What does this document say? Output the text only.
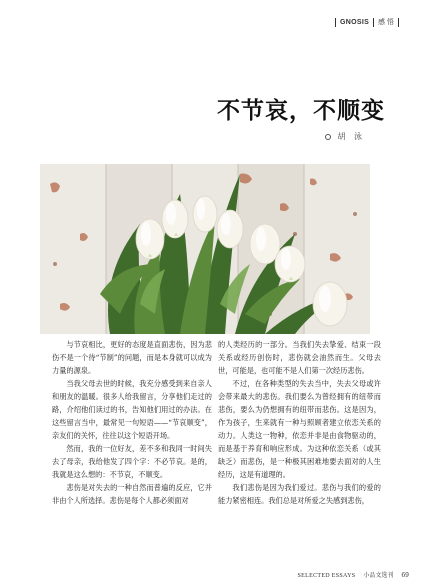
GNOSIS 感 悟
不节哀，不顺变
胡 泳

与节哀相比，更好的态度是直面悲伤，因为悲伤不是一个待“节制”的问题，而是本身就可以成为力量的源泉。

当我父母去世的时候，我充分感受到来自亲人和朋友的温暖。很多人给我留言，分享他们走过的路，介绍他们读过的书，告知他们用过的办法。在这些留言当中，最常见一句短语——“节哀顺变”，亲友们的关怀，往往以这个短语开场。

然而，我的一位好友，差不多和我同一时间失去了母亲，我给他发了四个字：不必节哀。是的，我就是这么想的：不节哀，不顺变。

悲伤是对失去的一种自然而普遍的反应，它并非由个人所选择。悲伤是每个人都必须面对

的人类经历的一部分。当我们失去挚爱、结束一段关系或经历创伤时，悲伤就会油然而生。父母去世，可能是，也可能不是人们第一次经历悲伤。

不过，在各种类型的失去当中，失去父母或许会带来最大的悲伤。我们要么为曾经拥有的纽带而悲伤，要么为仍想拥有的纽带而悲伤。这是因为，作为孩子，生来就有一种与照顾者建立依恋关系的动力。人类这一物种，依恋并非是由食物驱动的，而是基于养育和响应形成。为这种依恋关系（或其缺乏）而悲伤，是一种极其困难地要去面对的人生经历，这是有道理的。

我们悲伤是因为我们爱过。悲伤与我们的爱的能力紧密相连。我们总是对所爱之失感到悲伤，

SELECTED ESSAYS 小品文选刊 69
